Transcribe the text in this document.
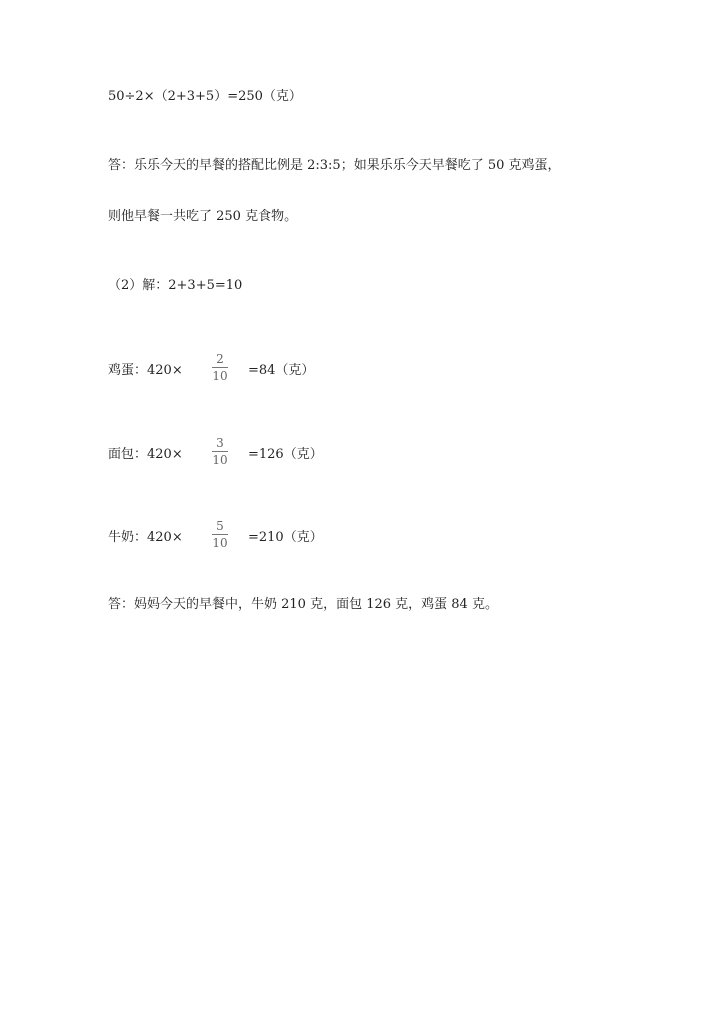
50÷2×（2+3+5）=250（克）
答：乐乐今天的早餐的搭配比例是 2:3:5；如果乐乐今天早餐吃了 50 克鸡蛋，
则他早餐一共吃了 250 克食物。
（2）解：2+3+5=10
鸡蛋：420×
2
10 =84（克）
面包：420×
3
10 =126（克）
牛奶：420×
5
10 =210（克）
答：妈妈今天的早餐中，牛奶 210 克，面包 126 克，鸡蛋 84 克。
